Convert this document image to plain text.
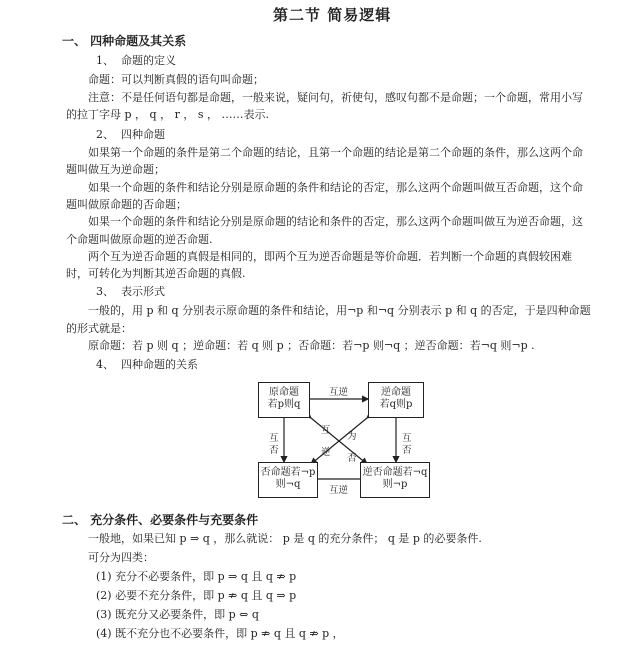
第二节 简易逻辑
一、 四种命题及其关系
1、 命题的定义
命题：可以判断真假的语句叫命题；
注意：不是任何语句都是命题，一般来说，疑问句，祈使句，感叹句都不是命题；一个命题，常用小写
的拉丁字母 p ， q ， r ， s ， ……表示.
2、 四种命题
如果第一个命题的条件是第二个命题的结论，且第一个命题的结论是第二个命题的条件，那么这两个命
题叫做互为逆命题；
如果一个命题的条件和结论分别是原命题的条件和结论的否定，那么这两个命题叫做互否命题，这个命
题叫做原命题的否命题；
如果一个命题的条件和结论分别是原命题的结论和条件的否定，那么这两个命题叫做互为逆否命题，这
个命题叫做原命题的逆否命题.
两个互为逆否命题的真假是相同的，即两个互为逆否命题是等价命题．若判断一个命题的真假较困难
时，可转化为判断其逆否命题的真假.
3、 表示形式
一般的，用 p 和 q 分别表示原命题的条件和结论，用¬p 和¬q 分别表示 p 和 q 的否定，于是四种命题
的形式就是：
原命题：若 p 则 q ；逆命题：若 q 则 p ；否命题：若¬p 则¬q ；逆否命题：若¬q 则¬p .
4、 四种命题的关系
原命题
若p则q
逆命题
若q则p
否命题若¬p
则¬q
逆否命题若¬q
则¬p
互逆
互逆
互
否
互
否
互
为
逆
否
二、 充分条件、必要条件与充要条件
一般地，如果已知 p ⇒ q ，那么就说： p 是 q 的充分条件； q 是 p 的必要条件.
可分为四类：
(1) 充分不必要条件，即 p ⇒ q 且 q ⇏ p
(2) 必要不充分条件，即 p ⇏ q 且 q ⇒ p
(3) 既充分又必要条件，即 p ⇔ q
(4) 既不充分也不必要条件，即 p ⇏ q 且 q ⇏ p ，
